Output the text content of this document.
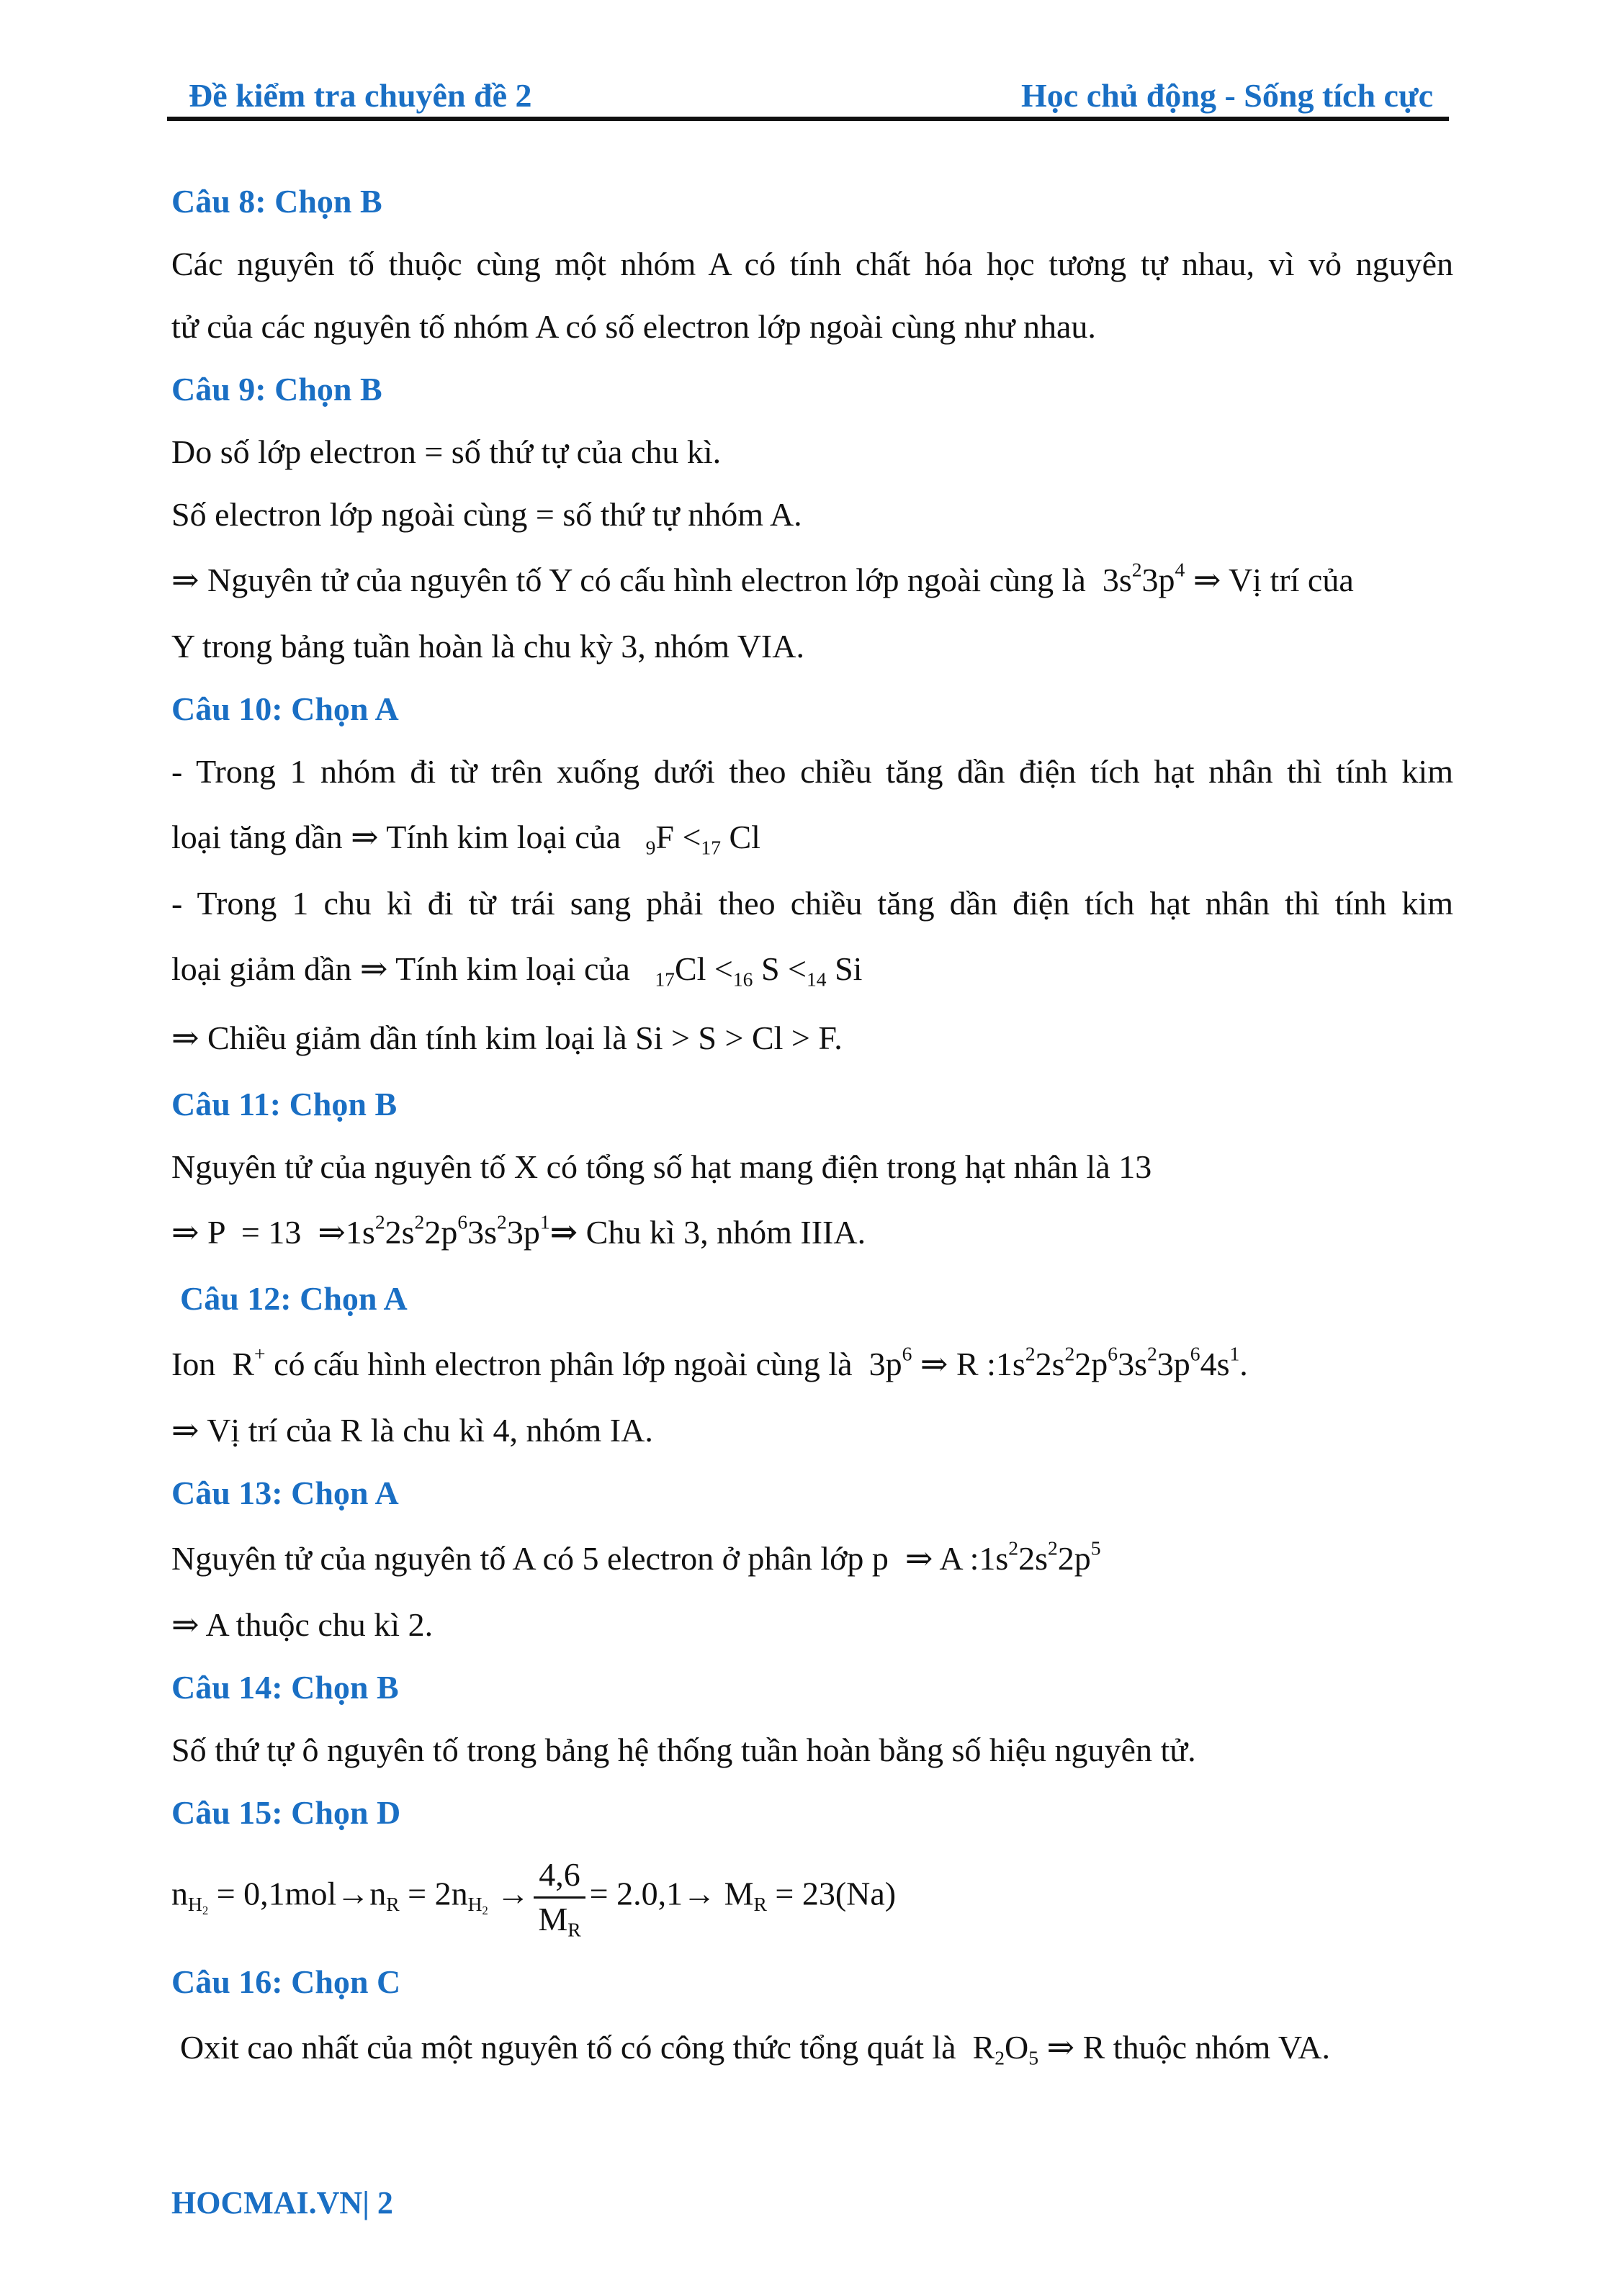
Đề kiểm tra chuyên đề 2	Học chủ động - Sống tích cực
Câu 8: Chọn B
Các nguyên tố thuộc cùng một nhóm A có tính chất hóa học tương tự nhau, vì vỏ nguyên
tử của các nguyên tố nhóm A có số electron lớp ngoài cùng như nhau.
Câu 9: Chọn B
Do số lớp electron = số thứ tự của chu kì.
Số electron lớp ngoài cùng = số thứ tự nhóm A.
⇒ Nguyên tử của nguyên tố Y có cấu hình electron lớp ngoài cùng là  $3s^23p^4$ ⇒ Vị trí của
Y trong bảng tuần hoàn là chu kỳ 3, nhóm VIA.
Câu 10: Chọn A
- Trong 1 nhóm đi từ trên xuống dưới theo chiều tăng dần điện tích hạt nhân thì tính kim
loại tăng dần ⇒ Tính kim loại của $_9F <_{17}$ Cl
- Trong 1 chu kì đi từ trái sang phải theo chiều tăng dần điện tích hạt nhân thì tính kim
loại giảm dần ⇒ Tính kim loại của $_{17}Cl <_{16}$ $S <_{14}$ Si
⇒ Chiều giảm dần tính kim loại là Si > S > Cl > F.
Câu 11: Chọn B
Nguyên tử của nguyên tố X có tổng số hạt mang điện trong hạt nhân là 13
⇒ P  = 13  $\Rightarrow 1s^22s^22p^63s^23p^1\Rightarrow$ Chu kì 3, nhóm IIIA.
Câu 12: Chọn A
Ion  R+ có cấu hình electron phân lớp ngoài cùng là  $3p^6$ ⇒ R $:1s^22s^22p^63s^23p^64s^1$.
⇒ Vị trí của R là chu kì 4, nhóm IA.
Câu 13: Chọn A
Nguyên tử của nguyên tố A có 5 electron ở phân lớp p  ⇒ A $:1s^22s^22p^5$
⇒ A thuộc chu kì 2.
Câu 14: Chọn B
Số thứ tự ô nguyên tố trong bảng hệ thống tuần hoàn bằng số hiệu nguyên tử.
Câu 15: Chọn D
$n_{H_2} = 0,1mol\to n_R = 2n_{H_2} \to \frac{4,6}{M_R} = 2.0,1\to M_R = 23(Na)$
Câu 16: Chọn C
Oxit cao nhất của một nguyên tố có công thức tổng quát là  $R_2O_5$ ⇒ R thuộc nhóm VA.
HOCMAI.VN| 2
